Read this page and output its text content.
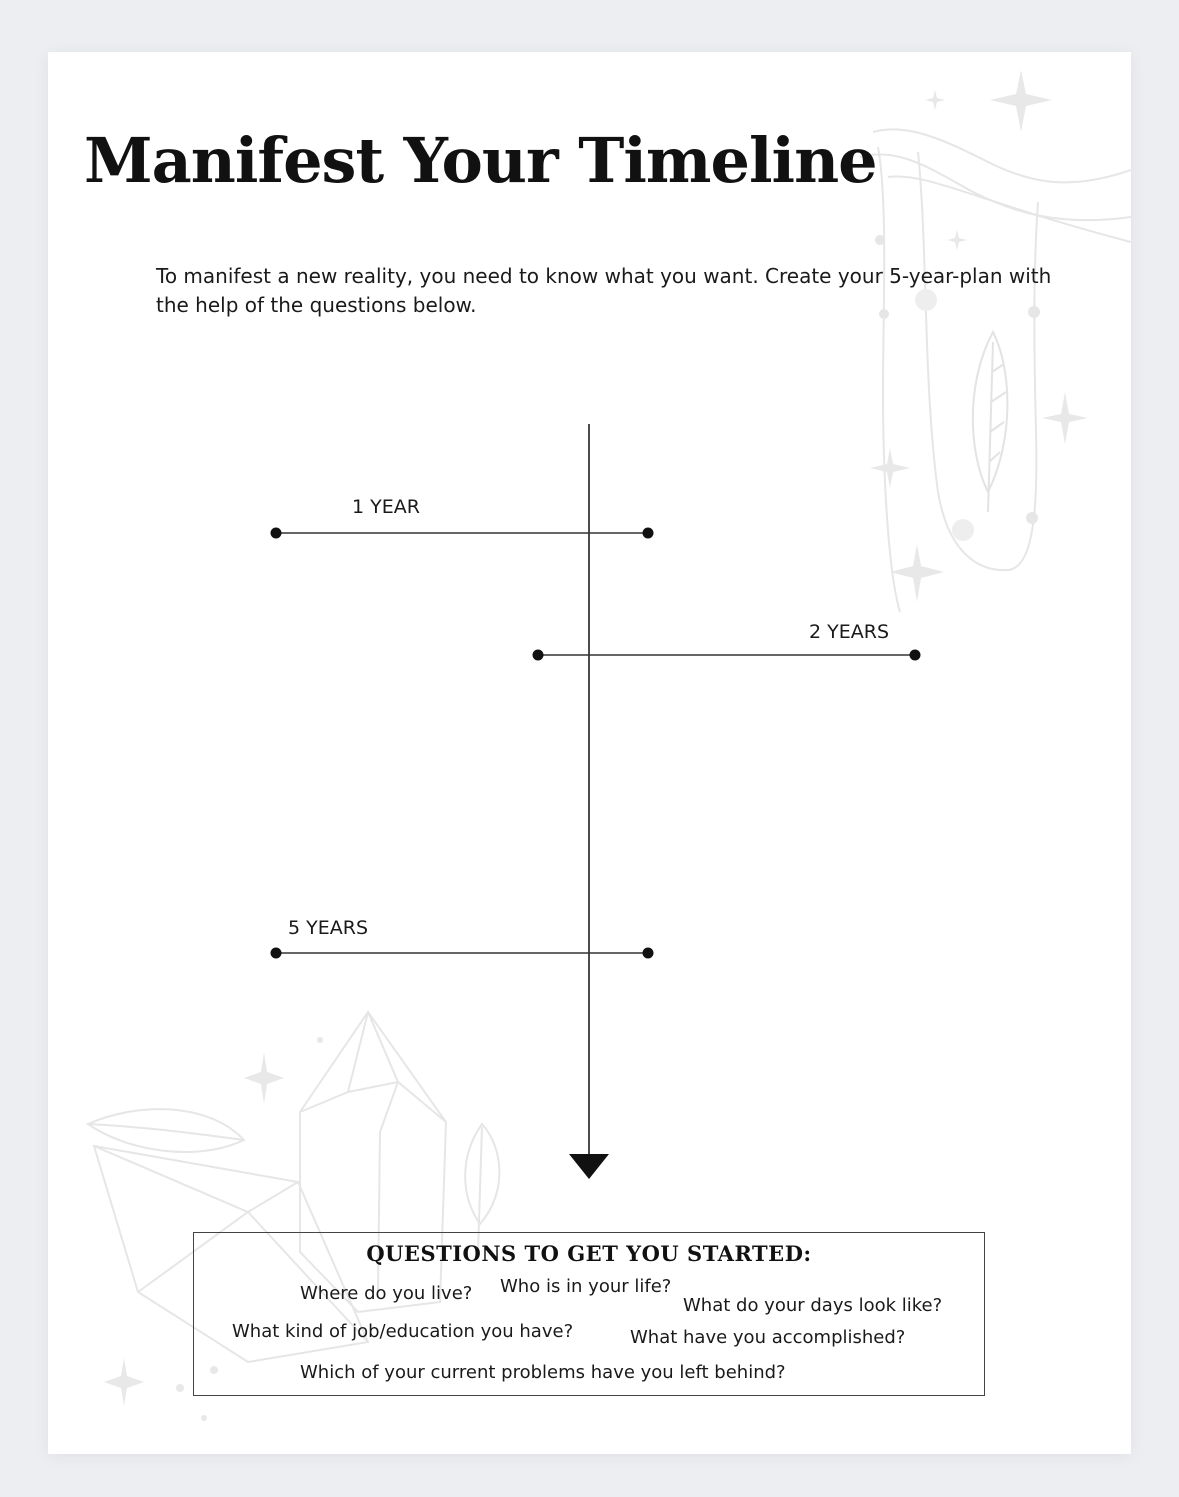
Manifest Your Timeline

To manifest a new reality, you need to know what you want. Create your 5-year-plan with the help of the questions below.

1 YEAR

2 YEARS

5 YEARS

QUESTIONS TO GET YOU STARTED:

Where do you live? Who is in your life?

What do your days look like?

What kind of job/education you have?	What have you accomplished?

Which of your current problems have you left behind?
